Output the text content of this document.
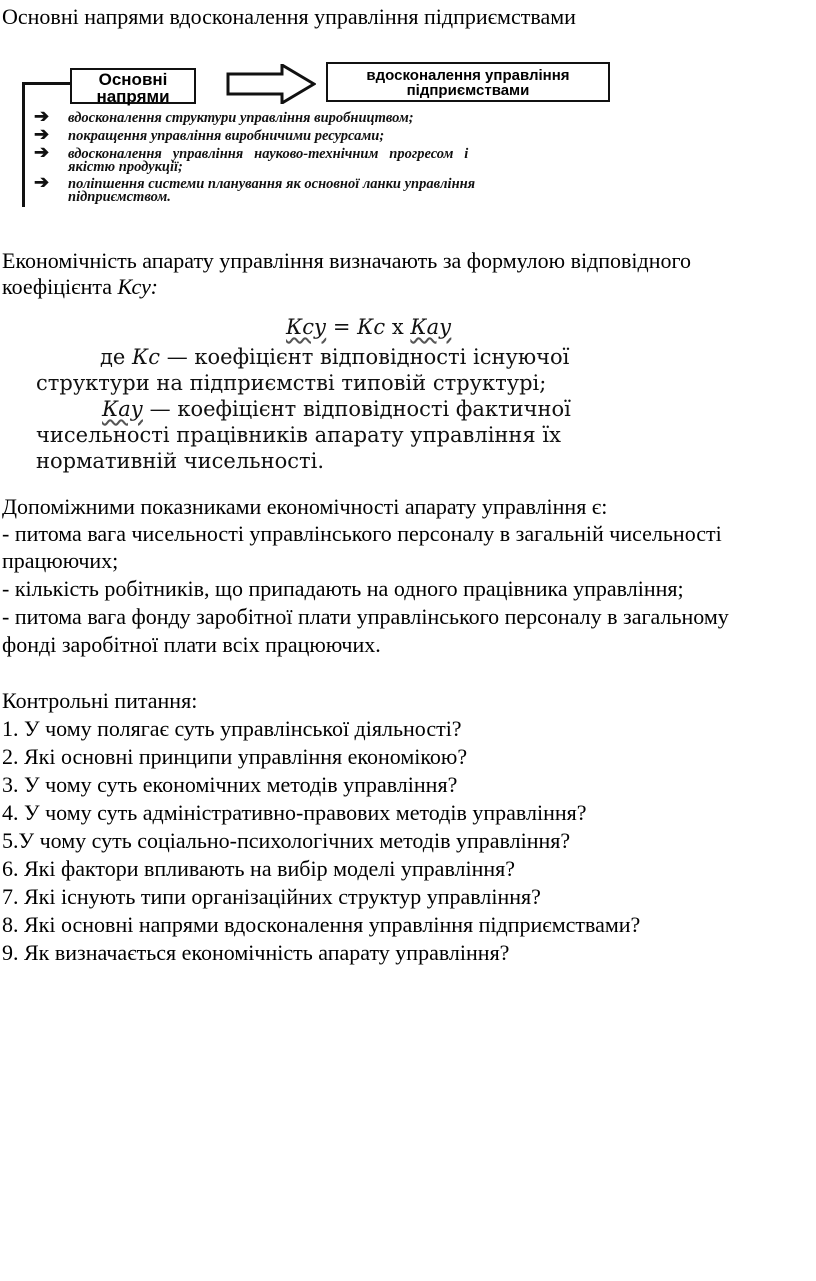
Основні напрями вдосконалення управління підприємствами
Основні
напрями
вдосконалення управління
підприємствами
➔ вдосконалення структури управління виробництвом;
➔ покращення управління виробничими ресурсами;
➔ вдосконалення   управління   науково-технічним   прогресом   і
якістю продукції;
➔ поліпшення системи планування як основної ланки управління
підприємством.
Економічність апарату управління визначають за формулою відповідного
коефіцієнта Ксу:
Ксу = Кс х Кау
де Кс — коефіцієнт відповідності існуючої
структури на підприємстві типовій структурі;
Кау — коефіцієнт відповідності фактичної
чисельності працівників апарату управління їх
нормативній чисельності.
Допоміжними показниками економічності апарату управління є:
- питома вага чисельності управлінського персоналу в загальній чисельності
працюючих;
- кількість робітників, що припадають на одного працівника управління;
- питома вага фонду заробітної плати управлінського персоналу в загальному
фонді заробітної плати всіх працюючих.
Контрольні питання:
1. У чому полягає суть управлінської діяльності?
2. Які основні принципи управління економікою?
3. У чому суть економічних методів управління?
4. У чому суть адміністративно-правових методів управління?
5.У чому суть соціально-психологічних методів управління?
6. Які фактори впливають на вибір моделі управління?
7. Які існують типи організаційних структур управління?
8. Які основні напрями вдосконалення управління підприємствами?
9. Як визначається економічність апарату управління?
